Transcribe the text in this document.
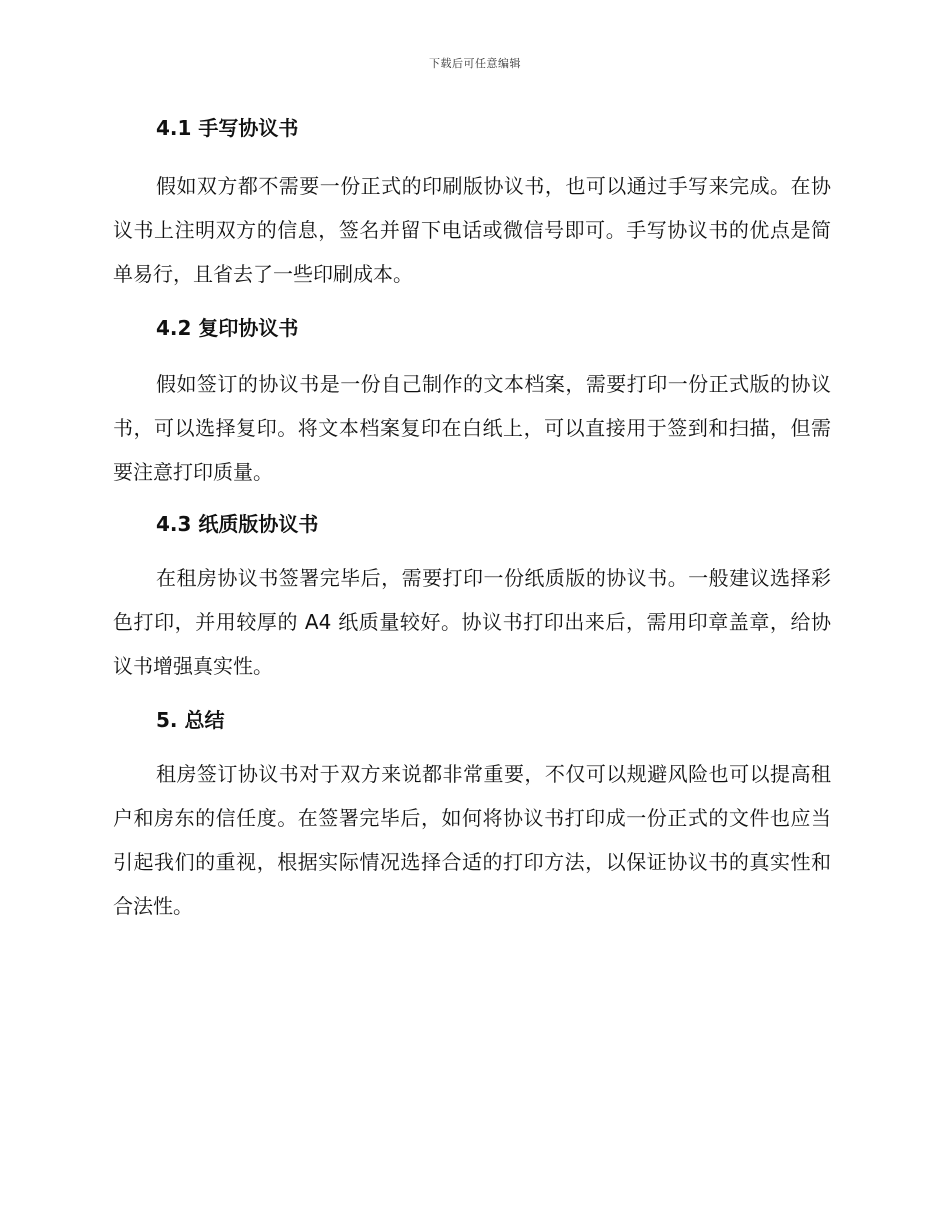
下载后可任意编辑
4.1 手写协议书

假如双方都不需要一份正式的印刷版协议书，也可以通过手写来完成。在协议书上注明双方的信息，签名并留下电话或微信号即可。手写协议书的优点是简单易行，且省去了一些印刷成本。

4.2 复印协议书

假如签订的协议书是一份自己制作的文本档案，需要打印一份正式版的协议书，可以选择复印。将文本档案复印在白纸上，可以直接用于签到和扫描，但需要注意打印质量。

4.3 纸质版协议书

在租房协议书签署完毕后，需要打印一份纸质版的协议书。一般建议选择彩色打印，并用较厚的 A4 纸质量较好。协议书打印出来后，需用印章盖章，给协议书增强真实性。

5. 总结

租房签订协议书对于双方来说都非常重要，不仅可以规避风险也可以提高租户和房东的信任度。在签署完毕后，如何将协议书打印成一份正式的文件也应当引起我们的重视，根据实际情况选择合适的打印方法，以保证协议书的真实性和合法性。
